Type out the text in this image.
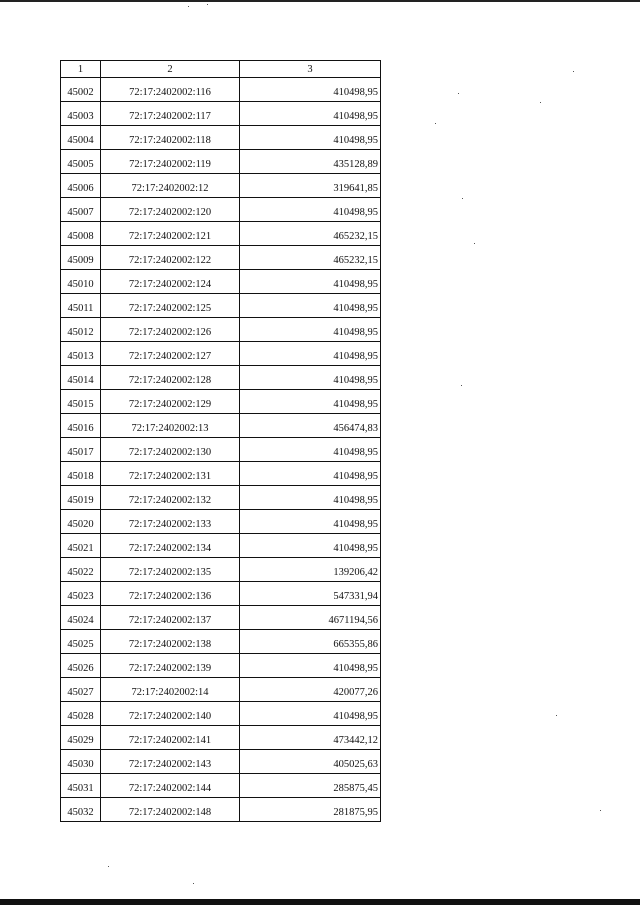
1	2	3
45002	72:17:2402002:116	410498,95
45003	72:17:2402002:117	410498,95
45004	72:17:2402002:118	410498,95
45005	72:17:2402002:119	435128,89
45006	72:17:2402002:12	319641,85
45007	72:17:2402002:120	410498,95
45008	72:17:2402002:121	465232,15
45009	72:17:2402002:122	465232,15
45010	72:17:2402002:124	410498,95
45011	72:17:2402002:125	410498,95
45012	72:17:2402002:126	410498,95
45013	72:17:2402002:127	410498,95
45014	72:17:2402002:128	410498,95
45015	72:17:2402002:129	410498,95
45016	72:17:2402002:13	456474,83
45017	72:17:2402002:130	410498,95
45018	72:17:2402002:131	410498,95
45019	72:17:2402002:132	410498,95
45020	72:17:2402002:133	410498,95
45021	72:17:2402002:134	410498,95
45022	72:17:2402002:135	139206,42
45023	72:17:2402002:136	547331,94
45024	72:17:2402002:137	4671194,56
45025	72:17:2402002:138	665355,86
45026	72:17:2402002:139	410498,95
45027	72:17:2402002:14	420077,26
45028	72:17:2402002:140	410498,95
45029	72:17:2402002:141	473442,12
45030	72:17:2402002:143	405025,63
45031	72:17:2402002:144	285875,45
45032	72:17:2402002:148	281875,95
